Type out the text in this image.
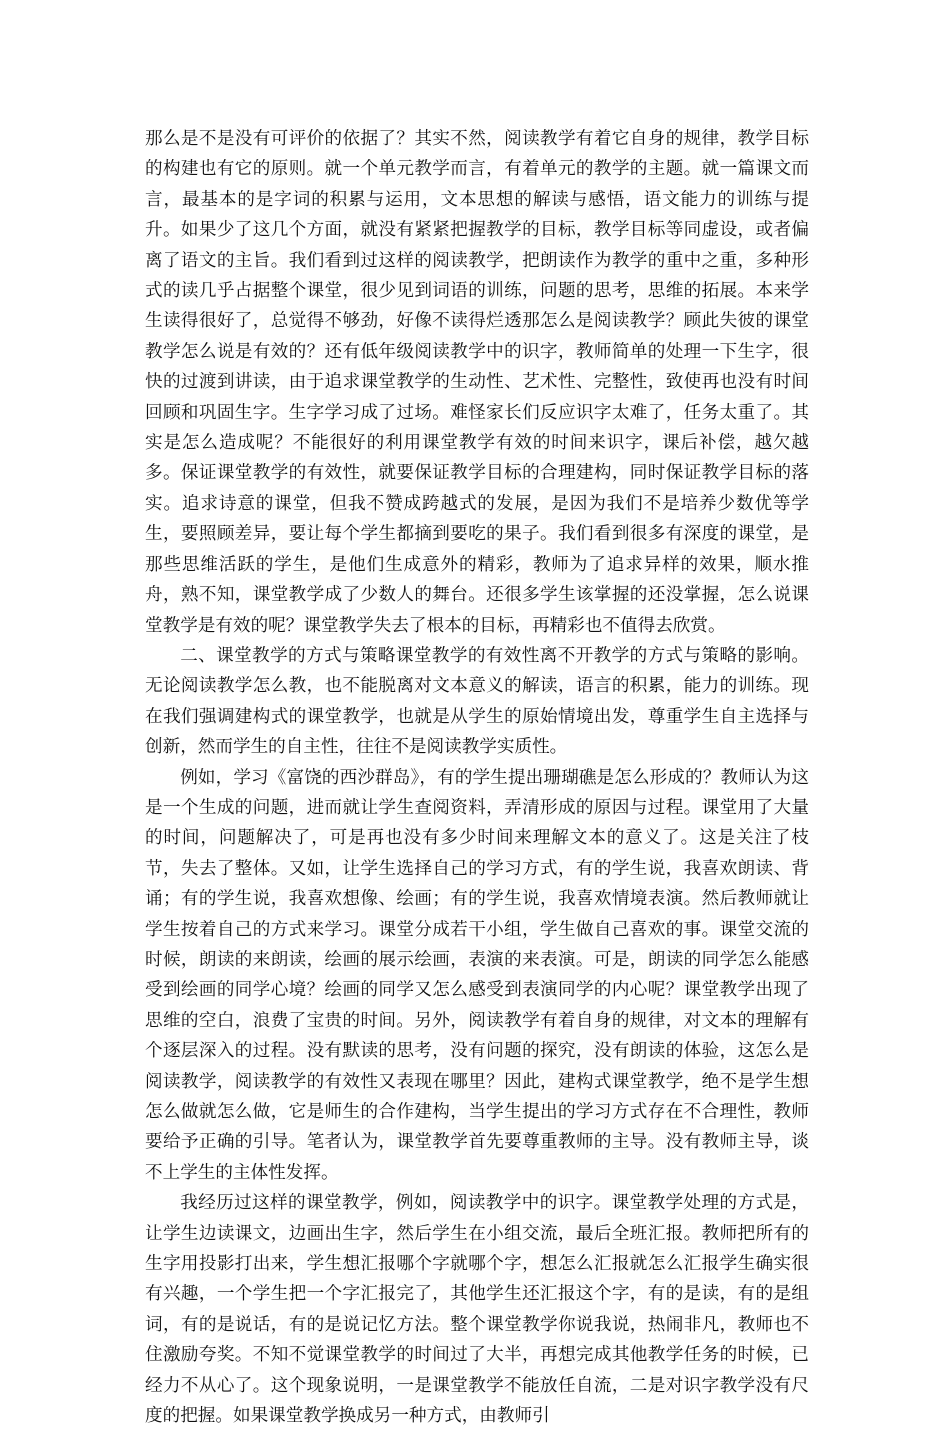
那么是不是没有可评价的依据了？其实不然，阅读教学有着它自身的规律，教学目标的构建也有它的原则。就一个单元教学而言，有着单元的教学的主题。就一篇课文而言，最基本的是字词的积累与运用，文本思想的解读与感悟，语文能力的训练与提升。如果少了这几个方面，就没有紧紧把握教学的目标，教学目标等同虚设，或者偏离了语文的主旨。我们看到过这样的阅读教学，把朗读作为教学的重中之重，多种形式的读几乎占据整个课堂，很少见到词语的训练，问题的思考，思维的拓展。本来学生读得很好了，总觉得不够劲，好像不读得烂透那怎么是阅读教学？顾此失彼的课堂教学怎么说是有效的？还有低年级阅读教学中的识字，教师简单的处理一下生字，很快的过渡到讲读，由于追求课堂教学的生动性、艺术性、完整性，致使再也没有时间回顾和巩固生字。生字学习成了过场。难怪家长们反应识字太难了，任务太重了。其实是怎么造成呢？不能很好的利用课堂教学有效的时间来识字，课后补偿，越欠越多。保证课堂教学的有效性，就要保证教学目标的合理建构，同时保证教学目标的落实。追求诗意的课堂，但我不赞成跨越式的发展，是因为我们不是培养少数优等学生，要照顾差异，要让每个学生都摘到要吃的果子。我们看到很多有深度的课堂，是那些思维活跃的学生，是他们生成意外的精彩，教师为了追求异样的效果，顺水推舟，熟不知，课堂教学成了少数人的舞台。还很多学生该掌握的还没掌握，怎么说课堂教学是有效的呢？课堂教学失去了根本的目标，再精彩也不值得去欣赏。

二、课堂教学的方式与策略课堂教学的有效性离不开教学的方式与策略的影响。无论阅读教学怎么教，也不能脱离对文本意义的解读，语言的积累，能力的训练。现在我们强调建构式的课堂教学，也就是从学生的原始情境出发，尊重学生自主选择与创新，然而学生的自主性，往往不是阅读教学实质性。

例如，学习《富饶的西沙群岛》，有的学生提出珊瑚礁是怎么形成的？教师认为这是一个生成的问题，进而就让学生查阅资料，弄清形成的原因与过程。课堂用了大量的时间，问题解决了，可是再也没有多少时间来理解文本的意义了。这是关注了枝节，失去了整体。又如，让学生选择自己的学习方式，有的学生说，我喜欢朗读、背诵；有的学生说，我喜欢想像、绘画；有的学生说，我喜欢情境表演。然后教师就让学生按着自己的方式来学习。课堂分成若干小组，学生做自己喜欢的事。课堂交流的时候，朗读的来朗读，绘画的展示绘画，表演的来表演。可是，朗读的同学怎么能感受到绘画的同学心境？绘画的同学又怎么感受到表演同学的内心呢？课堂教学出现了思维的空白，浪费了宝贵的时间。另外，阅读教学有着自身的规律，对文本的理解有个逐层深入的过程。没有默读的思考，没有问题的探究，没有朗读的体验，这怎么是阅读教学，阅读教学的有效性又表现在哪里？因此，建构式课堂教学，绝不是学生想怎么做就怎么做，它是师生的合作建构，当学生提出的学习方式存在不合理性，教师要给予正确的引导。笔者认为，课堂教学首先要尊重教师的主导。没有教师主导，谈不上学生的主体性发挥。

我经历过这样的课堂教学，例如，阅读教学中的识字。课堂教学处理的方式是，让学生边读课文，边画出生字，然后学生在小组交流，最后全班汇报。教师把所有的生字用投影打出来，学生想汇报哪个字就哪个字，想怎么汇报就怎么汇报学生确实很有兴趣，一个学生把一个字汇报完了，其他学生还汇报这个字，有的是读，有的是组词，有的是说话，有的是说记忆方法。整个课堂教学你说我说，热闹非凡，教师也不住激励夸奖。不知不觉课堂教学的时间过了大半，再想完成其他教学任务的时候，已经力不从心了。这个现象说明，一是课堂教学不能放任自流，二是对识字教学没有尺度的把握。如果课堂教学换成另一种方式，由教师引
